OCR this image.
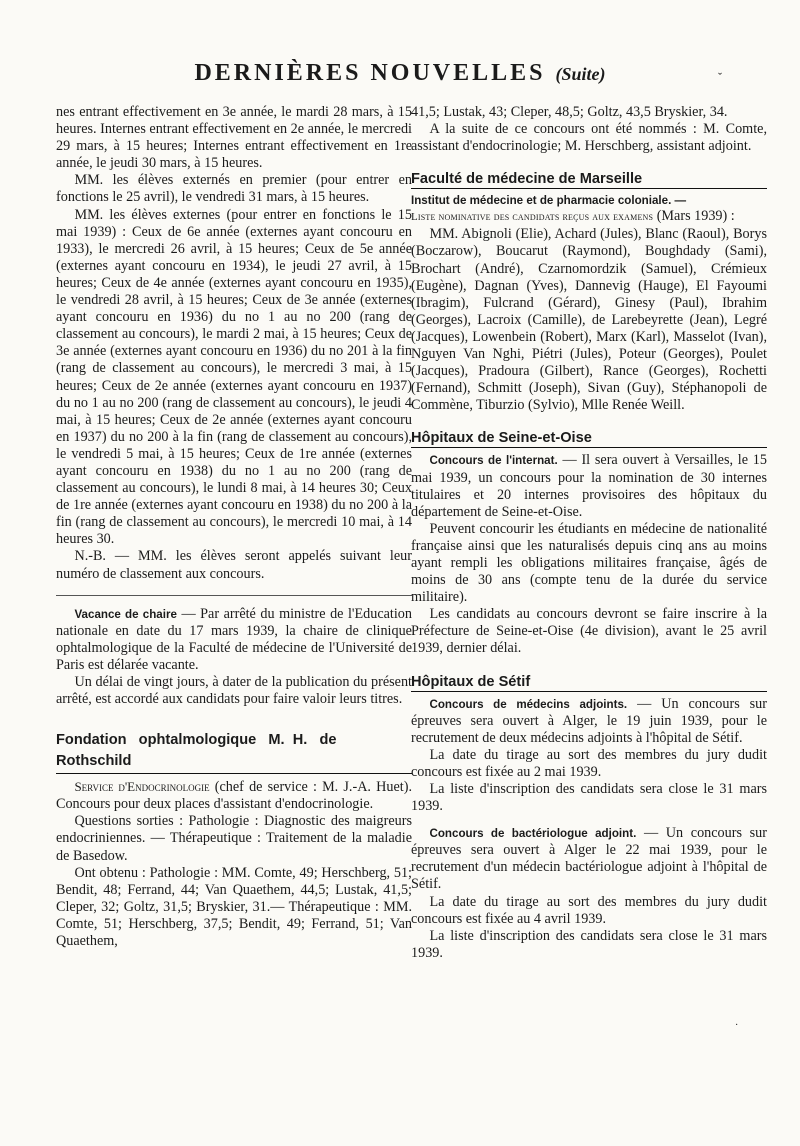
DERNIÈRES NOUVELLES (Suite)	ˇ

nes entrant effectivement en 3e année, le mardi 28 mars, à 15 heures. Internes entrant effectivement en 2e année, le mercredi 29 mars, à 15 heures; Internes entrant effectivement en 1re année, le jeudi 30 mars, à 15 heures.

MM. les élèves externés en premier (pour entrer en fonctions le 25 avril), le vendredi 31 mars, à 15 heures.

MM. les élèves externes (pour entrer en fonctions le 15 mai 1939) : Ceux de 6e année (externes ayant concouru en 1933), le mercredi 26 avril, à 15 heures; Ceux de 5e année (externes ayant concouru en 1934), le jeudi 27 avril, à 15 heures; Ceux de 4e année (externes ayant concouru en 1935), le vendredi 28 avril, à 15 heures; Ceux de 3e année (externes ayant concouru en 1936) du no 1 au no 200 (rang de classement au concours), le mardi 2 mai, à 15 heures; Ceux de 3e année (externes ayant concouru en 1936) du no 201 à la fin (rang de classement au concours), le mercredi 3 mai, à 15 heures; Ceux de 2e année (externes ayant concouru en 1937) du no 1 au no 200 (rang de classement au concours), le jeudi 4 mai, à 15 heures; Ceux de 2e année (externes ayant concouru en 1937) du no 200 à la fin (rang de classement au concours), le vendredi 5 mai, à 15 heures; Ceux de 1re année (externes ayant concouru en 1938) du no 1 au no 200 (rang de classement au concours), le lundi 8 mai, à 14 heures 30; Ceux de 1re année (externes ayant concouru en 1938) du no 200 à la fin (rang de classement au concours), le mercredi 10 mai, à 14 heures 30.

N.-B. — MM. les élèves seront appelés suivant leur numéro de classement aux concours.

Vacance de chaire — Par arrêté du ministre de l'Education nationale en date du 17 mars 1939, la chaire de clinique ophtalmologique de la Faculté de médecine de l'Université de Paris est délarée vacante.

Un délai de vingt jours, à dater de la publication du présent arrêté, est accordé aux candidats pour faire valoir leurs titres.

Fondation   ophtalmologique   M.  H.   de
Rothschild

Service d'Endocrinologie (chef de service : M. J.-A. Huet). Concours pour deux places d'assistant d'endocrinologie.

Questions sorties : Pathologie : Diagnostic des maigreurs endocriniennes. — Thérapeutique : Traitement de la maladie de Basedow.

Ont obtenu : Pathologie : MM. Comte, 49; Herschberg, 51; Bendit, 48; Ferrand, 44; Van Quaethem, 44,5; Lustak, 41,5; Cleper, 32; Goltz, 31,5; Bryskier, 31.— Thérapeutique : MM. Comte, 51; Herschberg, 37,5; Bendit, 49; Ferrand, 51; Van Quaethem,

41,5; Lustak, 43; Cleper, 48,5; Goltz, 43,5 Bryskier, 34.

A la suite de ce concours ont été nommés : M. Comte, assistant d'endocrinologie; M. Herschberg, assistant adjoint.

Faculté de médecine de Marseille
Institut de médecine et de pharmacie coloniale. —

Liste nominative des candidats reçus aux examens (Mars 1939) :

MM. Abignoli (Elie), Achard (Jules), Blanc (Raoul), Borys (Boczarow), Boucarut (Raymond), Boughdady (Sami), Brochart (André), Czarnomordzik (Samuel), Crémieux (Eugène), Dagnan (Yves), Dannevig (Hauge), El Fayoumi (Ibragim), Fulcrand (Gérard), Ginesy (Paul), Ibrahim (Georges), Lacroix (Camille), de Larebeyrette (Jean), Legré (Jacques), Lowenbein (Robert), Marx (Karl), Masselot (Ivan), Nguyen Van Nghi, Piétri (Jules), Poteur (Georges), Poulet (Jacques), Pradoura (Gilbert), Rance (Georges), Rochetti (Fernand), Schmitt (Joseph), Sivan (Guy), Stéphanopoli de Commène, Tiburzio (Sylvio), Mlle Renée Weill.

Hôpitaux de Seine-et-Oise

Concours de l'internat. — Il sera ouvert à Versailles, le 15 mai 1939, un concours pour la nomination de 30 internes titulaires et 20 internes provisoires des hôpitaux du département de Seine-et-Oise.

Peuvent concourir les étudiants en médecine de nationalité française ainsi que les naturalisés depuis cinq ans au moins ayant rempli les obligations militaires française, âgés de moins de 30 ans (compte tenu de la durée du service militaire).

Les candidats au concours devront se faire inscrire à la Préfecture de Seine-et-Oise (4e division), avant le 25 avril 1939, dernier délai.

Hôpitaux de Sétif

Concours de médecins adjoints. — Un concours sur épreuves sera ouvert à Alger, le 19 juin 1939, pour le recrutement de deux médecins adjoints à l'hôpital de Sétif.

La date du tirage au sort des membres du jury dudit concours est fixée au 2 mai 1939.

La liste d'inscription des candidats sera close le 31 mars 1939.

Concours de bactériologue adjoint. — Un concours sur épreuves sera ouvert à Alger le 22 mai 1939, pour le recrutement d'un médecin bactériologue adjoint à l'hôpital de Sétif.

La date du tirage au sort des membres du jury dudit concours est fixée au 4 avril 1939.

La liste d'inscription des candidats sera close le 31 mars 1939.

·
